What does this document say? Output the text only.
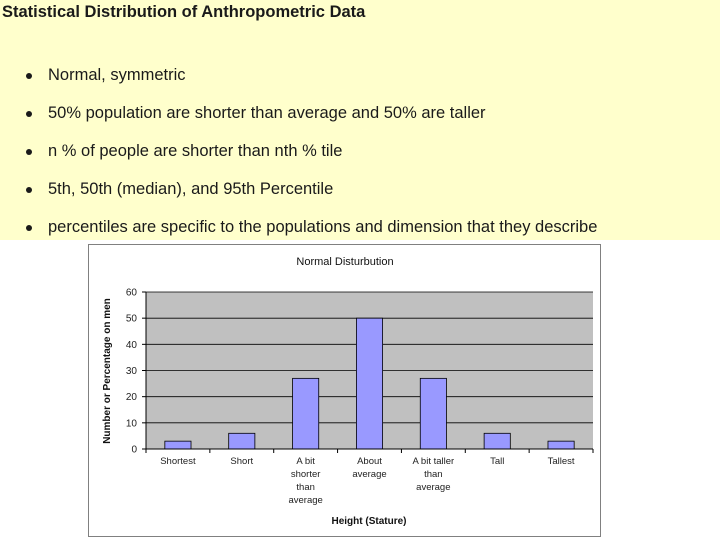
Statistical Distribution of Anthropometric Data
Normal, symmetric
50% population are shorter than average and 50% are taller
n % of people are shorter than nth % tile
5th, 50th (median), and 95th Percentile
percentiles are specific to the populations and dimension that they describe
Normal Disturbution
Height (Stature)
Number or Percentage on men
0
10
20
30
40
50
60
Shortest	Short	A bit shorter than average
About average
A bit taller than average
Tall	Tallest
